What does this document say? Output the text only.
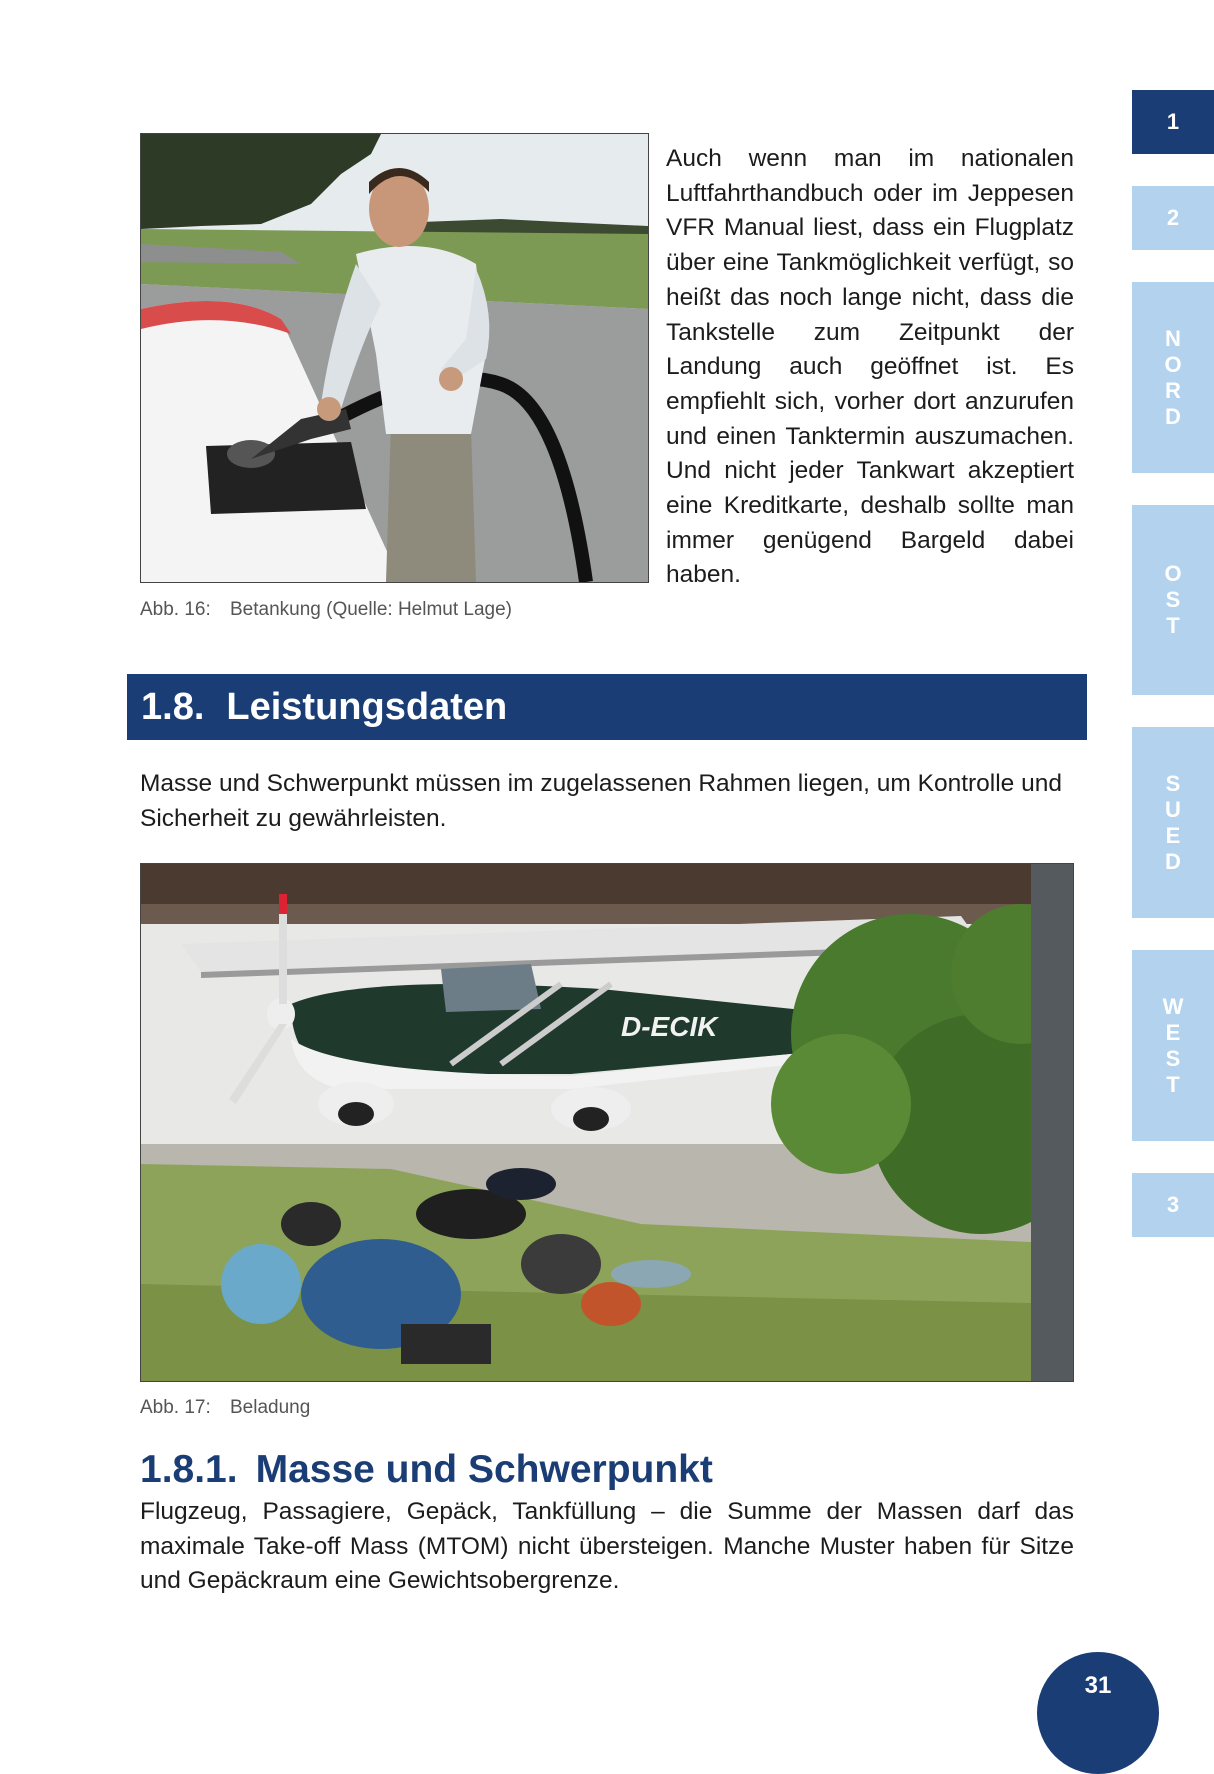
Auch wenn man im nationalen Luftfahrthandbuch oder im Jeppesen VFR Manual liest, dass ein Flugplatz über eine Tankmöglichkeit verfügt, so heißt das noch lange nicht, dass die Tankstelle zum Zeitpunkt der Landung auch geöffnet ist. Es empfiehlt sich, vorher dort anzurufen und einen Tanktermin auszumachen. Und nicht jeder Tankwart akzeptiert eine Kreditkarte, deshalb sollte man immer genügend Bargeld dabei haben.
Abb. 16: Betankung (Quelle: Helmut Lage)
1.8. Leistungsdaten
Masse und Schwerpunkt müssen im zugelassenen Rahmen liegen, um Kontrolle und Sicherheit zu gewährleisten.
D-ECIK
Abb. 17: Beladung
1.8.1. Masse und Schwerpunkt
Flugzeug, Passagiere, Gepäck, Tankfüllung – die Summe der Massen darf das maximale Take-off Mass (MTOM) nicht übersteigen. Manche Muster haben für Sitze und Gepäckraum eine Gewichtsobergrenze.
1
2
N
O
R
D
O
S
T
S
U
E
D
W
E
S
T
3
31
